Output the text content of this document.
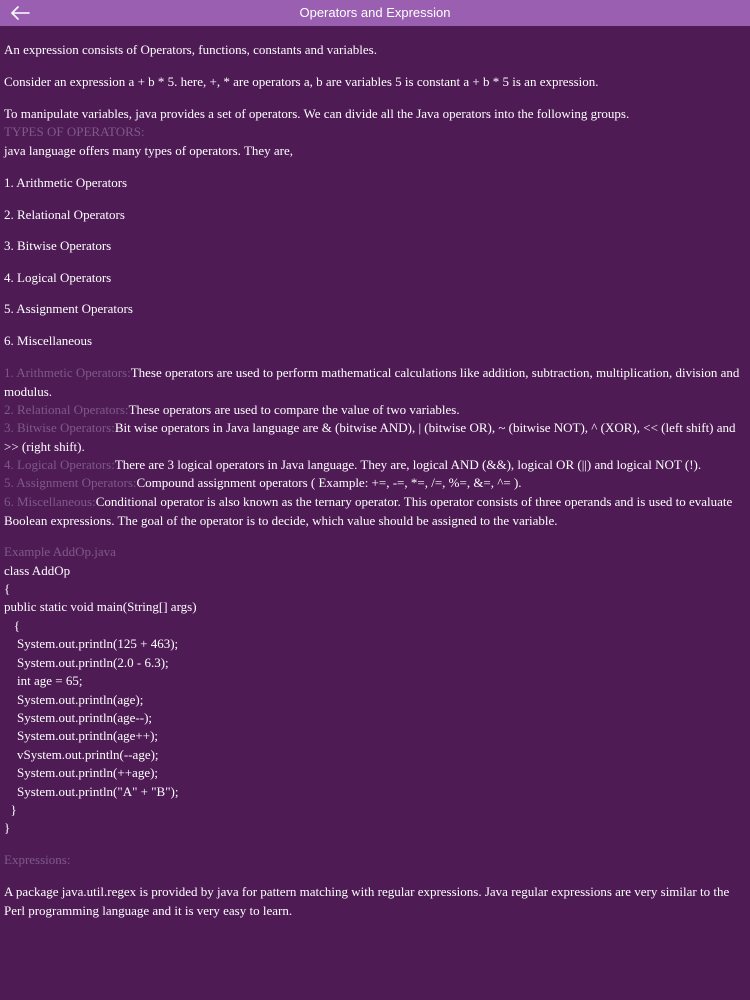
Operators and Expression
An expression consists of Operators, functions, constants and variables.
Consider an expression a + b * 5. here, +, * are operators a, b are variables 5 is constant a + b * 5 is an expression.
To manipulate variables, java provides a set of operators. We can divide all the Java operators into the following groups.
TYPES OF OPERATORS:
java language offers many types of operators. They are,
1. Arithmetic Operators
2. Relational Operators
3. Bitwise Operators
4. Logical Operators
5. Assignment Operators
6. Miscellaneous
1. Arithmetic Operators:These operators are used to perform mathematical calculations like addition, subtraction, multiplication, division and modulus.
2. Relational Operators:These operators are used to compare the value of two variables.
3. Bitwise Operators:Bit wise operators in Java language are & (bitwise AND), | (bitwise OR), ~ (bitwise NOT), ^ (XOR), << (left shift) and >> (right shift).
4. Logical Operators:There are 3 logical operators in Java language. They are, logical AND (&&), logical OR (||) and logical NOT (!).
5. Assignment Operators:Compound assignment operators ( Example: +=, -=, *=, /=, %=, &=, ^= ).
6. Miscellaneous:Conditional operator is also known as the ternary operator. This operator consists of three operands and is used to evaluate Boolean expressions. The goal of the operator is to decide, which value should be assigned to the variable.
Example AddOp.java
class AddOp
{
public static void main(String[] args)
{
System.out.println(125 + 463);
System.out.println(2.0 - 6.3);
int age = 65;
System.out.println(age);
System.out.println(age--);
System.out.println(age++);
vSystem.out.println(--age);
System.out.println(++age);
System.out.println("A" + "B");
}
}
Expressions:
A package java.util.regex is provided by java for pattern matching with regular expressions. Java regular expressions are very similar to the Perl programming language and it is very easy to learn.
